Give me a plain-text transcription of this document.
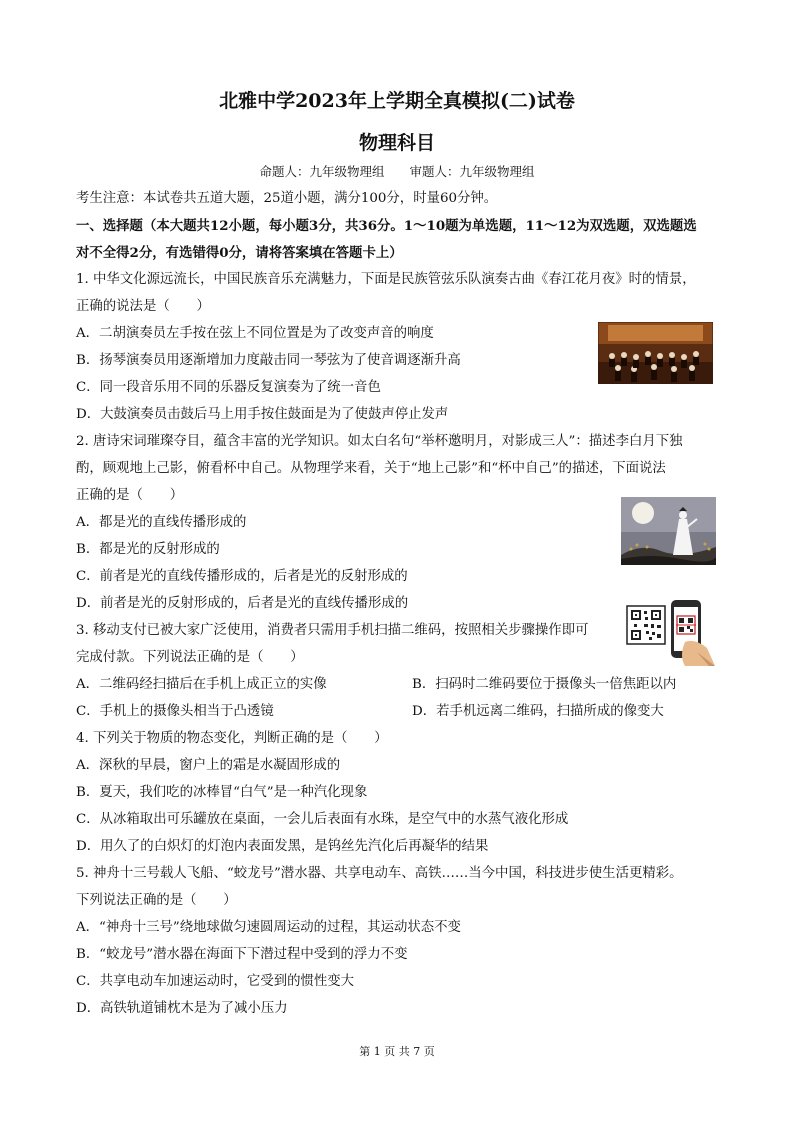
北雅中学2023年上学期全真模拟(二)试卷
物理科目
命题人：九年级物理组　　审题人：九年级物理组
考生注意：本试卷共五道大题，25道小题，满分100分，时量60分钟。
一、选择题（本大题共12小题，每小题3分，共36分。1～10题为单选题，11～12为双选题，双选题选
对不全得2分，有选错得0分，请将答案填在答题卡上）
1. 中华文化源远流长，中国民族音乐充满魅力，下面是民族管弦乐队演奏古曲《春江花月夜》时的情景，
正确的说法是（　　）
A．二胡演奏员左手按在弦上不同位置是为了改变声音的响度
B．扬琴演奏员用逐渐增加力度敲击同一琴弦为了使音调逐渐升高
C．同一段音乐用不同的乐器反复演奏为了统一音色
D．大鼓演奏员击鼓后马上用手按住鼓面是为了使鼓声停止发声
2. 唐诗宋词璀璨夺目，蕴含丰富的光学知识。如太白名句“举杯邀明月，对影成三人”：描述李白月下独
酌，顾观地上己影，俯看杯中自己。从物理学来看，关于“地上己影”和“杯中自己”的描述，下面说法
正确的是（　　）
A．都是光的直线传播形成的
B．都是光的反射形成的
C．前者是光的直线传播形成的，后者是光的反射形成的
D．前者是光的反射形成的，后者是光的直线传播形成的
3. 移动支付已被大家广泛使用，消费者只需用手机扫描二维码，按照相关步骤操作即可
完成付款。下列说法正确的是（　　）
A．二维码经扫描后在手机上成正立的实像	B．扫码时二维码要位于摄像头一倍焦距以内
C．手机上的摄像头相当于凸透镜	D．若手机远离二维码，扫描所成的像变大
4. 下列关于物质的物态变化，判断正确的是（　　）
A．深秋的早晨，窗户上的霜是水凝固形成的
B．夏天，我们吃的冰棒冒“白气”是一种汽化现象
C．从冰箱取出可乐罐放在桌面，一会儿后表面有水珠，是空气中的水蒸气液化形成
D．用久了的白炽灯的灯泡内表面发黑，是钨丝先汽化后再凝华的结果
5. 神舟十三号载人飞船、“蛟龙号”潜水器、共享电动车、高铁……当今中国，科技进步使生活更精彩。
下列说法正确的是（　　）
A．“神舟十三号”绕地球做匀速圆周运动的过程，其运动状态不变
B．“蛟龙号”潜水器在海面下下潜过程中受到的浮力不变
C．共享电动车加速运动时，它受到的惯性变大
D．高铁轨道铺枕木是为了减小压力
第 1 页 共 7 页
